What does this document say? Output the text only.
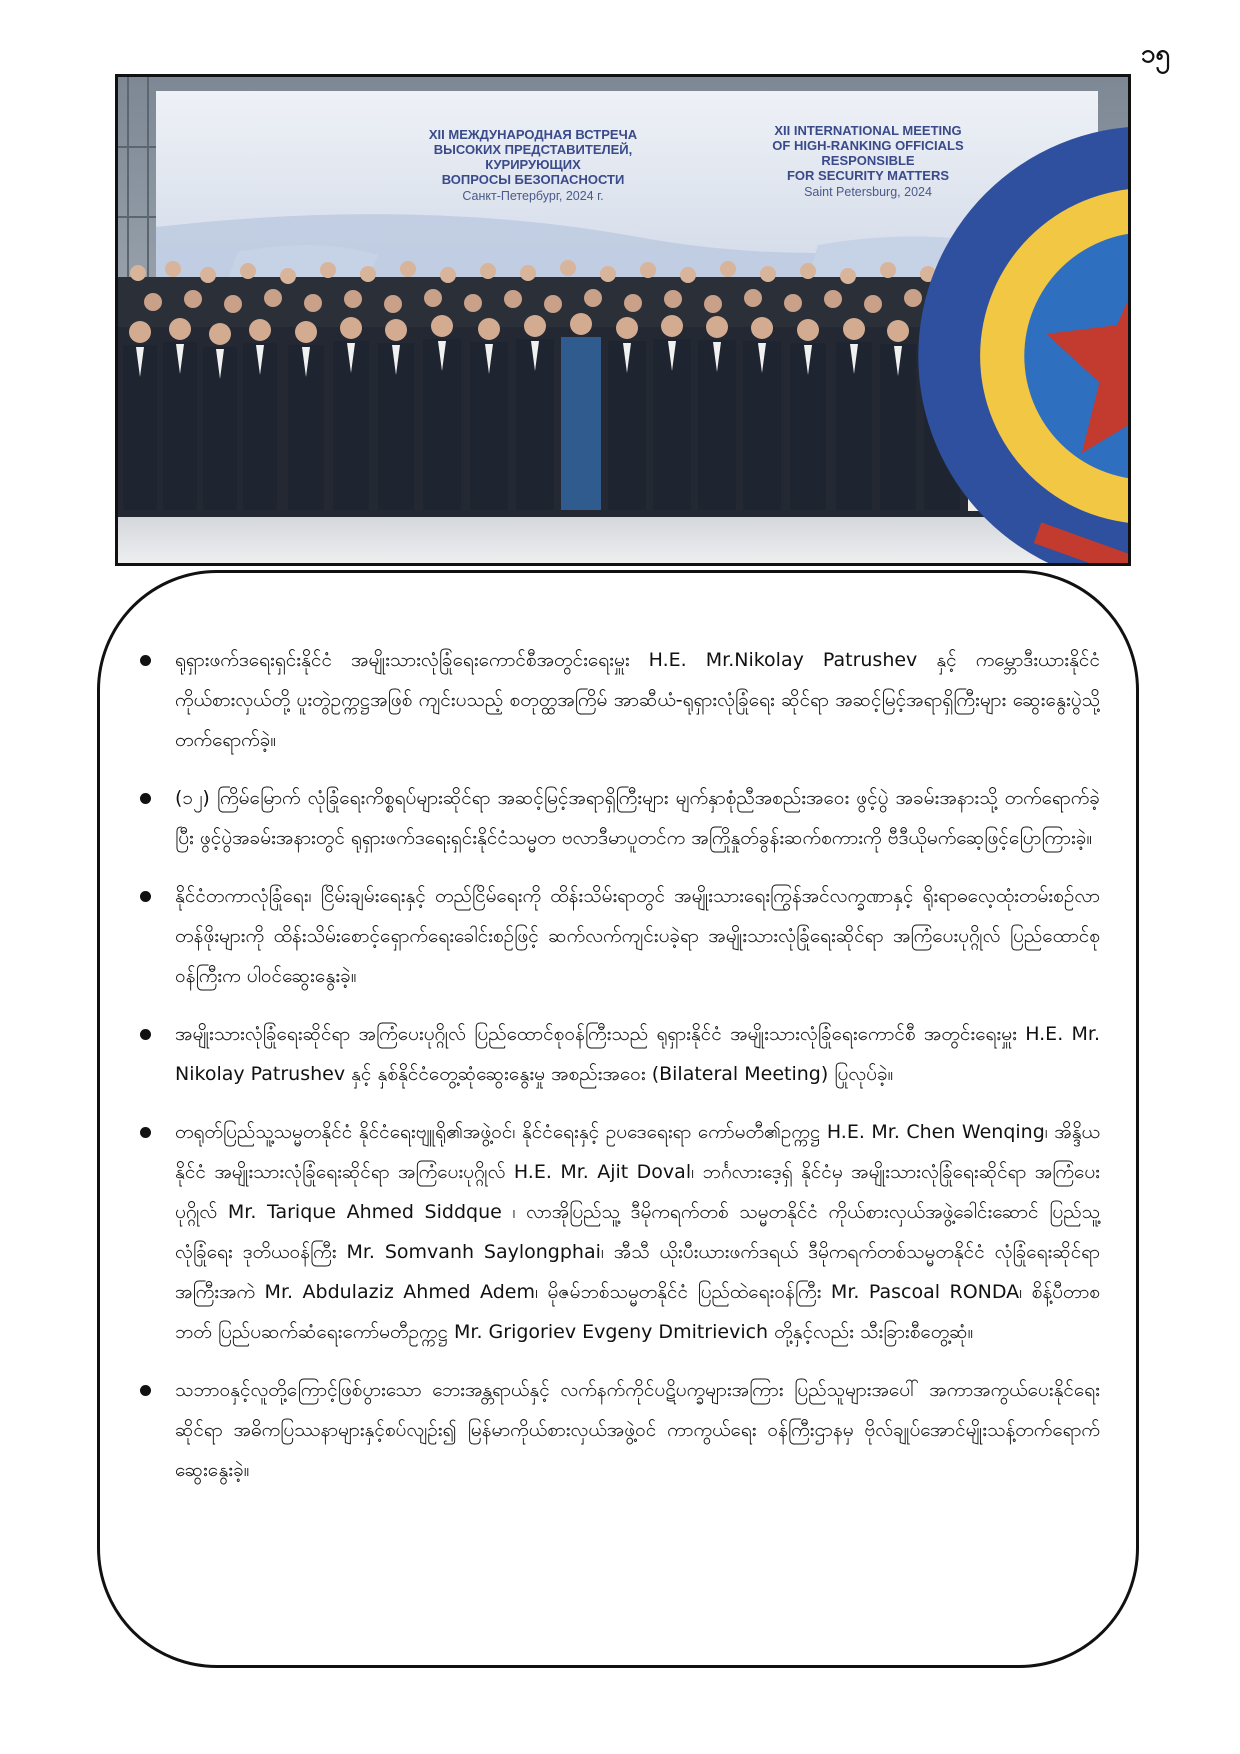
၁၅
XII МЕЖДУНАРОДНАЯ ВСТРЕЧА
ВЫСОКИХ ПРЕДСТАВИТЕЛЕЙ,
КУРИРУЮЩИХ
ВОПРОСЫ БЕЗОПАСНОСТИ
Санкт-Петербург, 2024 г.
XII INTERNATIONAL MEETING
OF HIGH-RANKING OFFICIALS
RESPONSIBLE
FOR SECURITY MATTERS
Saint Petersburg, 2024
ရုရှားဖက်ဒရေးရှင်းနိုင်ငံ အမျိုးသားလုံခြုံရေးကောင်စီအတွင်းရေးမှူး H.E. Mr.Nikolay Patrushev နှင့် ကမ္ဘောဒီးယားနိုင်ငံ ကိုယ်စားလှယ်တို့ ပူးတွဲဥက္ကဋ္ဌအဖြစ် ကျင်းပသည့် စတုတ္ထအကြိမ် အာဆီယံ-ရုရှားလုံခြုံရေး ဆိုင်ရာ အဆင့်မြင့်အရာရှိကြီးများ ဆွေးနွေးပွဲသို့ တက်ရောက်ခဲ့။
(၁၂) ကြိမ်မြောက် လုံခြုံရေးကိစ္စရပ်များဆိုင်ရာ အဆင့်မြင့်အရာရှိကြီးများ မျက်နှာစုံညီအစည်းအဝေး ဖွင့်ပွဲ အခမ်းအနားသို့ တက်ရောက်ခဲ့ပြီး ဖွင့်ပွဲအခမ်းအနားတွင် ရုရှားဖက်ဒရေးရှင်းနိုင်ငံသမ္မတ ဗလာဒီမာပူတင်က အကြိုနှုတ်ခွန်းဆက်စကားကို ဗီဒီယိုမက်ဆေ့ဖြင့်ပြောကြားခဲ့။
နိုင်ငံတကာလုံခြုံရေး၊ ငြိမ်းချမ်းရေးနှင့် တည်ငြိမ်ရေးကို ထိန်းသိမ်းရာတွင် အမျိုးသားရေးကြွန်အင်လက္ခဏာနှင့် ရိုးရာဓလေ့ထုံးတမ်းစဉ်လာတန်ဖိုးများကို ထိန်းသိမ်းစောင့်ရှောက်ရေးခေါင်းစဉ်ဖြင့် ဆက်လက်ကျင်းပခဲ့ရာ အမျိုးသားလုံခြုံရေးဆိုင်ရာ အကြံပေးပုဂ္ဂိုလ် ပြည်ထောင်စုဝန်ကြီးက ပါဝင်ဆွေးနွေးခဲ့။
အမျိုးသားလုံခြုံရေးဆိုင်ရာ အကြံပေးပုဂ္ဂိုလ် ပြည်ထောင်စုဝန်ကြီးသည် ရုရှားနိုင်ငံ အမျိုးသားလုံခြုံရေးကောင်စီ အတွင်းရေးမှူး H.E. Mr. Nikolay Patrushev နှင့် နှစ်နိုင်ငံတွေ့ဆုံဆွေးနွေးမှု အစည်းအဝေး (Bilateral Meeting) ပြုလုပ်ခဲ့။
တရုတ်ပြည်သူ့သမ္မတနိုင်ငံ နိုင်ငံရေးဗျူရို၏အဖွဲ့ဝင်၊ နိုင်ငံရေးနှင့် ဥပဒေရေးရာ ကော်မတီ၏ဥက္ကဋ္ဌ H.E. Mr. Chen Wenqing၊ အိန္ဒိယနိုင်ငံ အမျိုးသားလုံခြုံရေးဆိုင်ရာ အကြံပေးပုဂ္ဂိုလ် H.E. Mr. Ajit Doval၊ ဘင်္ဂလားဒေ့ရှ် နိုင်ငံမှ အမျိုးသားလုံခြုံရေးဆိုင်ရာ အကြံပေးပုဂ္ဂိုလ် Mr. Tarique Ahmed Siddque ၊ လာအိုပြည်သူ့ ဒီမိုကရက်တစ် သမ္မတနိုင်ငံ ကိုယ်စားလှယ်အဖွဲ့ခေါင်းဆောင် ပြည်သူ့လုံခြုံရေး ဒုတိယဝန်ကြီး Mr. Somvanh Saylongphai၊ အီသီ ယိုးပီးယားဖက်ဒရယ် ဒီမိုကရက်တစ်သမ္မတနိုင်ငံ လုံခြုံရေးဆိုင်ရာ အကြီးအကဲ Mr. Abdulaziz Ahmed Adem၊ မိုဇမ်ဘစ်သမ္မတနိုင်ငံ ပြည်ထဲရေးဝန်ကြီး Mr. Pascoal RONDA၊ စိန့်ပီတာစဘတ် ပြည်ပဆက်ဆံရေးကော်မတီဥက္ကဋ္ဌ Mr. Grigoriev Evgeny Dmitrievich တို့နှင့်လည်း သီးခြားစီတွေ့ဆုံ။
သဘာဝနှင့်လူတို့ကြောင့်ဖြစ်ပွားသော ဘေးအန္တရာယ်နှင့် လက်နက်ကိုင်ပဋိပက္ခများအကြား ပြည်သူများအပေါ် အကာအကွယ်ပေးနိုင်ရေးဆိုင်ရာ အဓိကပြဿနာများနှင့်စပ်လျဉ်း၍ မြန်မာကိုယ်စားလှယ်အဖွဲ့ဝင် ကာကွယ်ရေး ဝန်ကြီးဌာနမှ ဗိုလ်ချုပ်အောင်မျိုးသန့်တက်ရောက်ဆွေးနွေးခဲ့။
